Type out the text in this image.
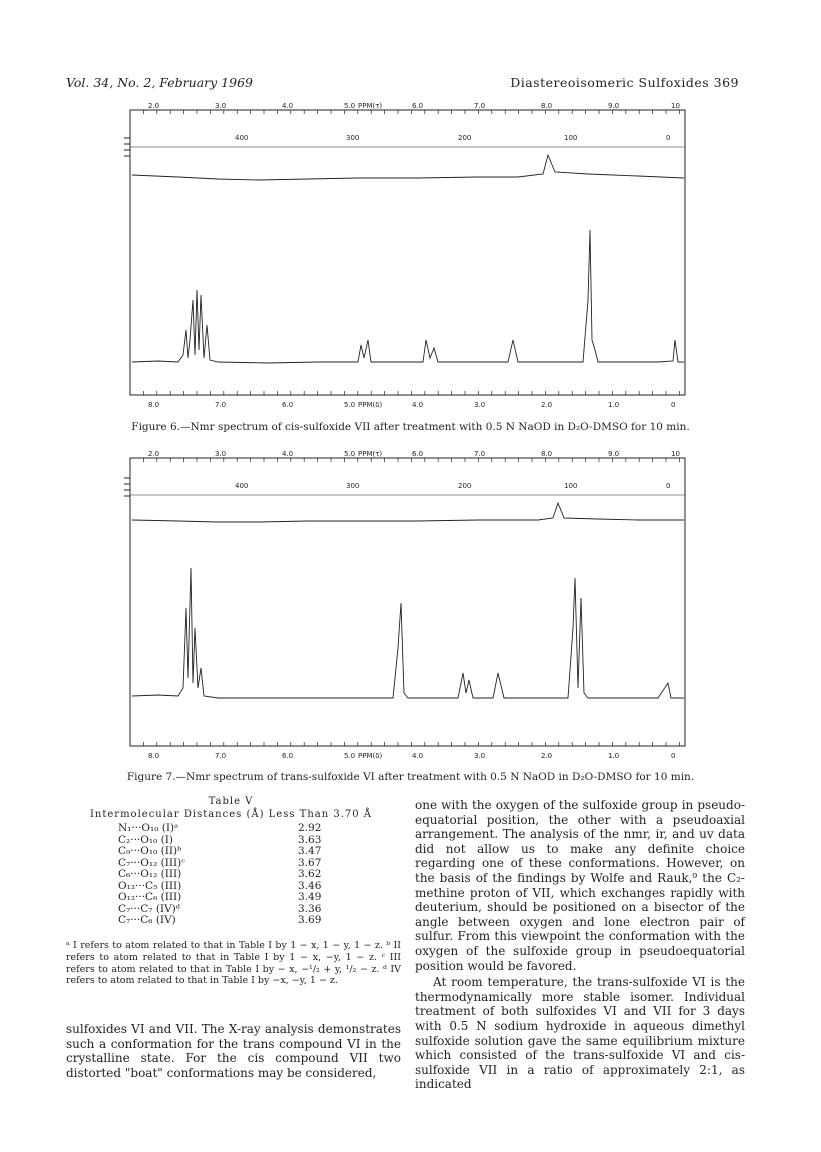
Vol. 34, No. 2, February 1969	Diastereoisomeric Sulfoxides 369
2.0	3.0	4.0	5.0 PPM(τ)	6.0	7.0	8.0	9.0	10
400	300	200	100	0
8.0	7.0	6.0	5.0 PPM(δ)	4.0	3.0	2.0	1.0	0
Figure 6.—Nmr spectrum of cis-sulfoxide VII after treatment with 0.5 N NaOD in D₂O-DMSO for 10 min.
2.0	3.0	4.0	5.0 PPM(τ)	6.0	7.0	8.0	9.0	10
400	300	200	100	0
8.0	7.0	6.0	5.0 PPM(δ)	4.0	3.0	2.0	1.0	0
Figure 7.—Nmr spectrum of trans-sulfoxide VI after treatment with 0.5 N NaOD in D₂O-DMSO for 10 min.
Table V
Intermolecular Distances (Å) Less Than 3.70 Å
N₁···O₁₀ (I)ᵃ	2.92
C₂···O₁₀ (I)	3.63
C₉···O₁₀ (II)ᵇ	3.47
C₇···O₁₂ (III)ᶜ	3.67
C₆···O₁₂ (III)	3.62
O₁₂···C₅ (III)	3.46
O₁₂···C₆ (III)	3.49
C₇···C₇ (IV)ᵈ	3.36
C₇···C₆ (IV)	3.69
ᵃ I refers to atom related to that in Table I by 1 − x, 1 − y, 1 − z. ᵇ II refers to atom related to that in Table I by 1 − x, −y, 1 − z. ᶜ III refers to atom related to that in Table I by − x, −¹/₂ + y, ¹/₂ − z. ᵈ IV refers to atom related to that in Table I by −x, −y, 1 − z.

sulfoxides VI and VII. The X-ray analysis demonstrates such a conformation for the trans compound VI in the crystalline state. For the cis compound VII two distorted "boat" conformations may be considered,

one with the oxygen of the sulfoxide group in pseudo-equatorial position, the other with a pseudoaxial arrangement. The analysis of the nmr, ir, and uv data did not allow us to make any definite choice regarding one of these conformations. However, on the basis of the findings by Wolfe and Rauk,⁹ the C₂-methine proton of VII, which exchanges rapidly with deuterium, should be positioned on a bisector of the angle between oxygen and lone electron pair of sulfur. From this viewpoint the conformation with the oxygen of the sulfoxide group in pseudoequatorial position would be favored.

At room temperature, the trans-sulfoxide VI is the thermodynamically more stable isomer. Individual treatment of both sulfoxides VI and VII for 3 days with 0.5 N sodium hydroxide in aqueous dimethyl sulfoxide solution gave the same equilibrium mixture which consisted of the trans-sulfoxide VI and cis-sulfoxide VII in a ratio of approximately 2:1, as indicated
